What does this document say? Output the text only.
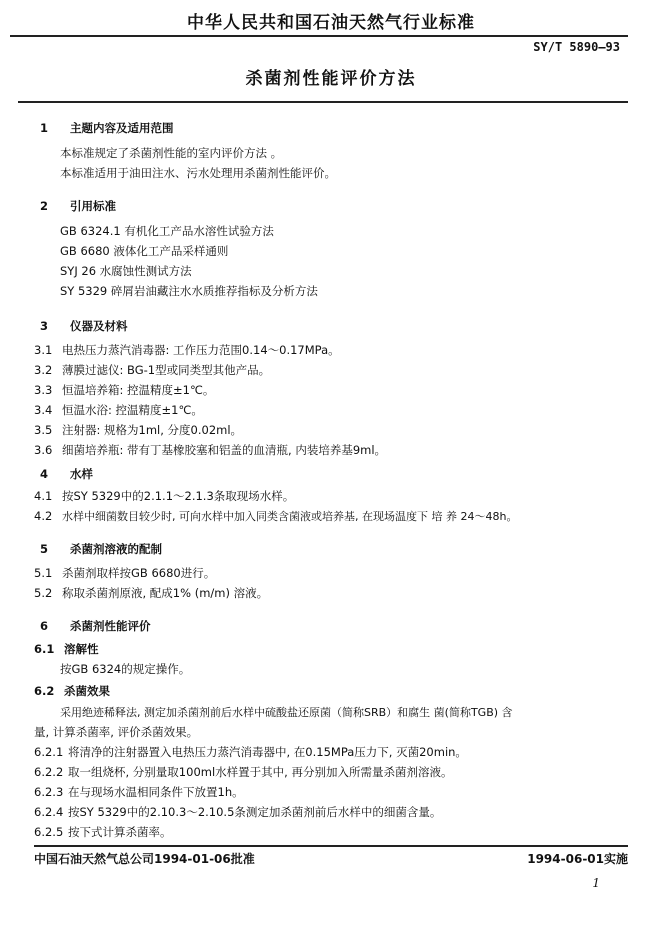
中华人民共和国石油天然气行业标准
SY/T 5890—93
杀菌剂性能评价方法
1 主题内容及适用范围
本标准规定了杀菌剂性能的室内评价方法 。
本标准适用于油田注水、污水处理用杀菌剂性能评价。
2 引用标准
GB 6324.1 有机化工产品水溶性试验方法
GB 6680 液体化工产品采样通则
SYJ 26 水腐蚀性测试方法
SY 5329 碎屑岩油藏注水水质推荐指标及分析方法
3 仪器及材料
3.1 电热压力蒸汽消毒器: 工作压力范围0.14～0.17MPa。
3.2 薄膜过滤仪: BG-1型或同类型其他产品。
3.3 恒温培养箱: 控温精度±1℃。
3.4 恒温水浴: 控温精度±1℃。
3.5 注射器: 规格为1ml, 分度0.02ml。
3.6 细菌培养瓶: 带有丁基橡胶塞和铝盖的血清瓶, 内装培养基9ml。
4 水样
4.1 按SY 5329中的2.1.1～2.1.3条取现场水样。
4.2 水样中细菌数目较少时, 可向水样中加入同类含菌液或培养基, 在现场温度下 培 养 24～48h。
5 杀菌剂溶液的配制
5.1 杀菌剂取样按GB 6680进行。
5.2 称取杀菌剂原液, 配成1% (m/m) 溶液。
6 杀菌剂性能评价
6.1 溶解性
按GB 6324的规定操作。
6.2 杀菌效果
采用绝迹稀释法, 测定加杀菌剂前后水样中硫酸盐还原菌（简称SRB）和腐生 菌(简称TGB) 含
量, 计算杀菌率, 评价杀菌效果。
6.2.1 将清净的注射器置入电热压力蒸汽消毒器中, 在0.15MPa压力下, 灭菌20min。
6.2.2 取一组烧杯, 分别量取100ml水样置于其中, 再分别加入所需量杀菌剂溶液。
6.2.3 在与现场水温相同条件下放置1h。
6.2.4 按SY 5329中的2.10.3～2.10.5条测定加杀菌剂前后水样中的细菌含量。
6.2.5 按下式计算杀菌率。
中国石油天然气总公司1994-01-06批准	1994-06-01实施
1
